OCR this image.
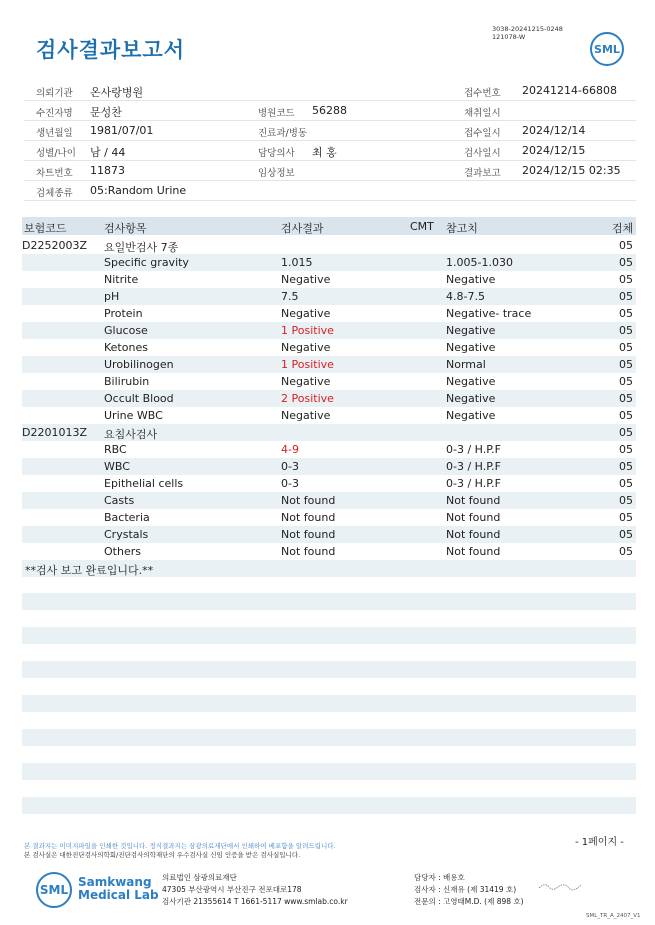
검사결과보고서
3038-20241215-0248
121078-W
SML
의뢰기관 온사랑병원	접수번호 20241214-66808
수진자명 문성찬	병원코드 56288	채취일시
생년월일 1981/07/01	진료과/병동	접수일시 2024/12/14
성별/나이 남 / 44	담당의사 최 홍	검사일시 2024/12/15
차트번호 11873	임상정보	결과보고 2024/12/15 02:35
검체종류 05:Random Urine
보험코드	검사항목	검사결과	CMT 참고치	검체
D2252003Z 요일반검사 7종	05
Specific gravity	1.015	1.005-1.030	05
Nitrite	Negative	Negative	05
pH	7.5	4.8-7.5	05
Protein	Negative	Negative- trace	05
Glucose	1 Positive	Negative	05
Ketones	Negative	Negative	05
Urobilinogen	1 Positive	Normal	05
Bilirubin	Negative	Negative	05
Occult Blood	2 Positive	Negative	05
Urine WBC	Negative	Negative	05
D2201013Z 요침사검사	05
RBC	4-9	0-3 / H.P.F	05
WBC	0-3	0-3 / H.P.F	05
Epithelial cells	0-3	0-3 / H.P.F	05
Casts	Not found	Not found	05
Bacteria	Not found	Not found	05
Crystals	Not found	Not found	05
Others	Not found	Not found	05
**검사 보고 완료입니다.**
본 결과지는 이미지파일을 인쇄한 것입니다. 정식결과지는 삼광의료재단에서 인쇄하여 배포함을 알려드립니다.
본 검사실은 대한진단검사의학회/진단검사의학재단의 우수검사실 신임 인증을 받은 검사실입니다.
- 1페이지 -
SML
Samkwang
Medical Lab
의료법인 삼광의료재단
47305 부산광역시 부산진구 전포대로178
검사기관 21355614 T 1661-5117 www.smlab.co.kr
담당자 : 배용호
검사자 : 신재유 (제 31419 호)
전문의 : 고영태M.D. (제 898 호)
SML_TR_A_2407_V1
